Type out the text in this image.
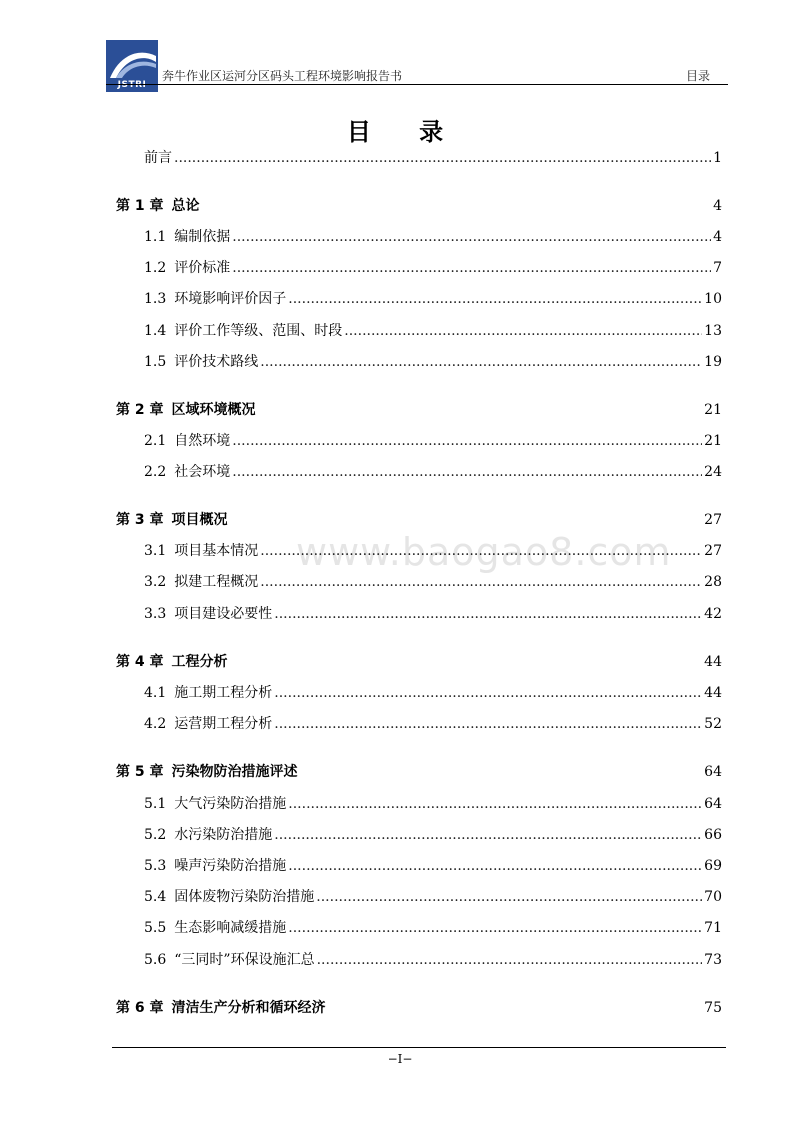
JSTRI
奔牛作业区运河分区码头工程环境影响报告书	目录
目 录
www.baogao8.com
前言 .....	1
第 1 章 总论	4
1.1 编制依据 .....	4
1.2 评价标准 .....	7
1.3 环境影响评价因子 .....	10
1.4 评价工作等级、范围、时段 .....	13
1.5 评价技术路线 .....	19
第 2 章 区域环境概况	21
2.1 自然环境 .....	21
2.2 社会环境 .....	24
第 3 章 项目概况	27
3.1 项目基本情况 .....	27
3.2 拟建工程概况 .....	28
3.3 项目建设必要性 .....	42
第 4 章 工程分析	44
4.1 施工期工程分析 .....	44
4.2 运营期工程分析 .....	52
第 5 章 污染物防治措施评述	64
5.1 大气污染防治措施 .....	64
5.2 水污染防治措施 .....	66
5.3 噪声污染防治措施 .....	69
5.4 固体废物污染防治措施 .....	70
5.5 生态影响减缓措施 .....	71
5.6 “三同时”环保设施汇总 .....	73
第 6 章 清洁生产分析和循环经济	75
−I−
